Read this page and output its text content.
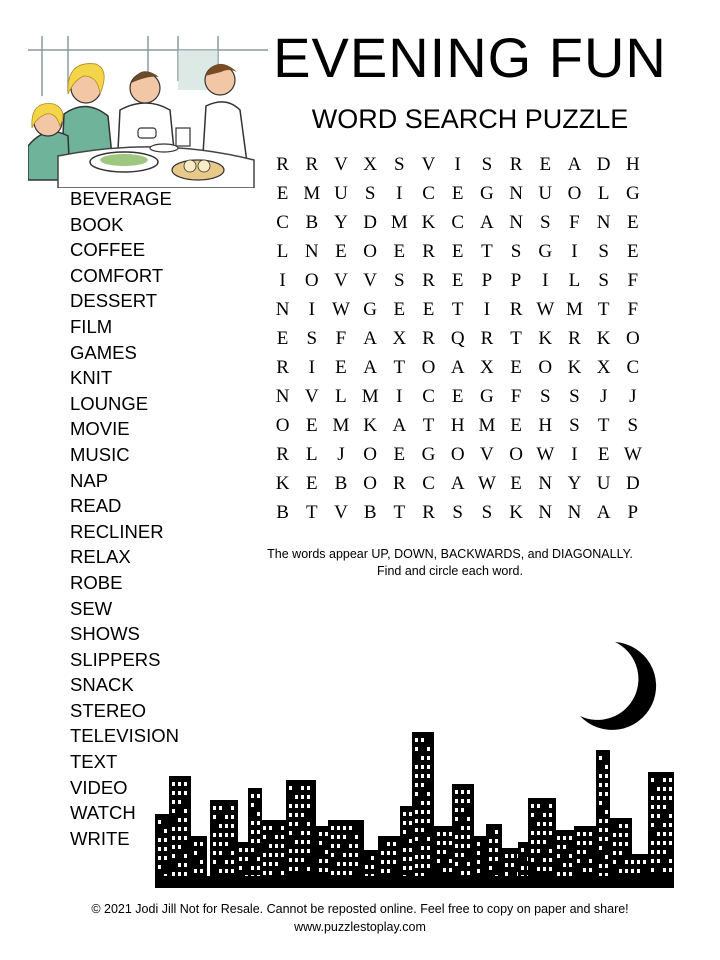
EVENING FUN
WORD SEARCH PUZZLE
BEVERAGE
BOOK
COFFEE
COMFORT
DESSERT
FILM
GAMES
KNIT
LOUNGE
MOVIE
MUSIC
NAP
READ
RECLINER
RELAX
ROBE
SEW
SHOWS
SLIPPERS
SNACK
STEREO
TELEVISION
TEXT
VIDEO
WATCH
WRITE
R R V X S V	I	S R E A D H
E M U S	I	C E G N U O L G
C B Y D M K C A N S F N E
L N E O E R E T S G	I	S E
I	O V V S R E P P	I	L S F
N	I W G E E T	I	R W M T F
E S F A X R Q R T K R K O
R	I	E A T O A X E O K X C
N V L M I	C E G F S S	J	J
O E M K A T H M E H S T S
R L	J O E G O V O W I	E W
K E B O R C A W E N Y U D
B T V B T R S S K N N A P
The words appear UP, DOWN, BACKWARDS, and DIAGONALLY.
Find and circle each word.
© 2021 Jodi Jill Not for Resale. Cannot be reposted online. Feel free to copy on paper and share!
www.puzzlestoplay.com
